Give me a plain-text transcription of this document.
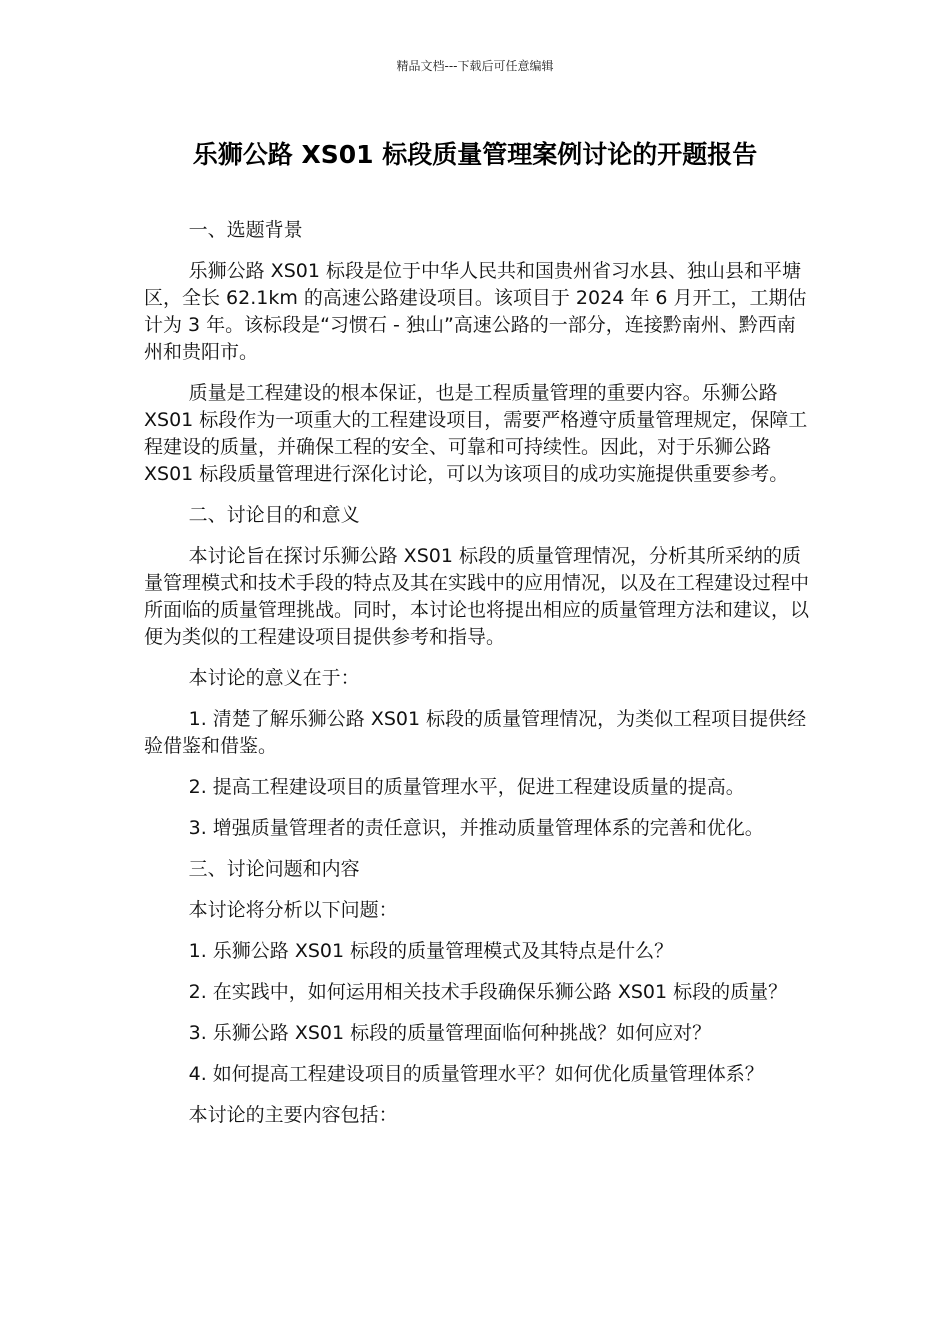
精品文档---下载后可任意编辑
乐狮公路 XS01 标段质量管理案例讨论的开题报告

一、选题背景

乐狮公路 XS01 标段是位于中华人民共和国贵州省习水县、独山县和平塘区，全长 62.1km 的高速公路建设项目。该项目于 2024 年 6 月开工，工期估计为 3 年。该标段是“习惯石 - 独山”高速公路的一部分，连接黔南州、黔西南州和贵阳市。

质量是工程建设的根本保证，也是工程质量管理的重要内容。乐狮公路 XS01 标段作为一项重大的工程建设项目，需要严格遵守质量管理规定，保障工程建设的质量，并确保工程的安全、可靠和可持续性。因此，对于乐狮公路 XS01 标段质量管理进行深化讨论，可以为该项目的成功实施提供重要参考。

二、讨论目的和意义

本讨论旨在探讨乐狮公路 XS01 标段的质量管理情况，分析其所采纳的质量管理模式和技术手段的特点及其在实践中的应用情况，以及在工程建设过程中所面临的质量管理挑战。同时，本讨论也将提出相应的质量管理方法和建议，以便为类似的工程建设项目提供参考和指导。

本讨论的意义在于：

1. 清楚了解乐狮公路 XS01 标段的质量管理情况，为类似工程项目提供经验借鉴和借鉴。

2. 提高工程建设项目的质量管理水平，促进工程建设质量的提高。

3. 增强质量管理者的责任意识，并推动质量管理体系的完善和优化。

三、讨论问题和内容

本讨论将分析以下问题：

1. 乐狮公路 XS01 标段的质量管理模式及其特点是什么？

2. 在实践中，如何运用相关技术手段确保乐狮公路 XS01 标段的质量？

3. 乐狮公路 XS01 标段的质量管理面临何种挑战？如何应对？

4. 如何提高工程建设项目的质量管理水平？如何优化质量管理体系？

本讨论的主要内容包括：
